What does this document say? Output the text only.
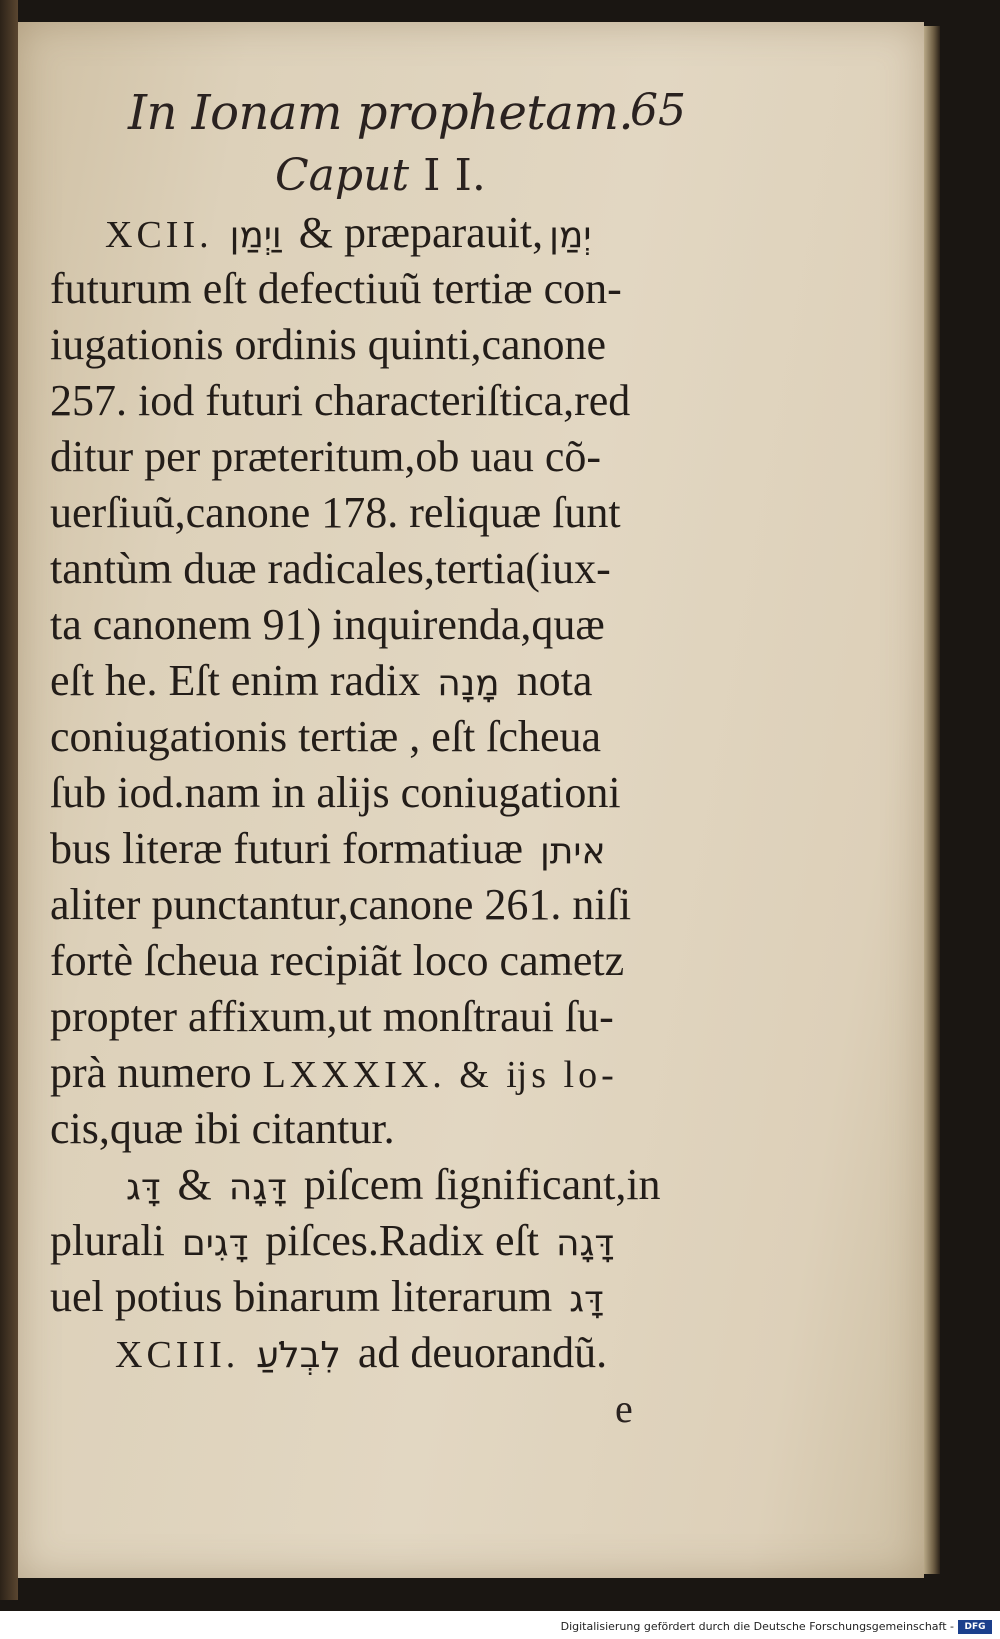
In Ionam prophetam.
65
Caput I I.
XCII. וַיְמַן & præparauit, יְמַן
futurum eſt defectiuũ tertiæ con-
iugationis ordinis quinti,canone
257. iod futuri characteriſtica,red
ditur per præteritum,ob uau cõ-
uerſiuũ,canone 178. reliquæ ſunt
tantùm duæ radicales,tertia(iux-
ta canonem 91) inquirenda,quæ
eſt he. Eſt enim radix מָנָה nota
coniugationis tertiæ , eſt ſcheua
ſub iod.nam in alĳs coniugationi
bus literæ futuri formatiuæ איתן
aliter punctantur,canone 261. niſi
fortè ſcheua recipiãt loco cametz
propter affixum,ut monſtraui ſu-
prà numero LXXXIX. & ĳs lo-
cis,quæ ibi citantur.
דָּג & דָּגָה piſcem ſignificant,in
plurali דָּגִים piſces.Radix eſt דָּגָה
uel potius binarum literarum דָּג
XCIII. לִבְלֹעַ ad deuorandũ.
e
Digitalisierung gefördert durch die Deutsche Forschungsgemeinschaft -	DFG
